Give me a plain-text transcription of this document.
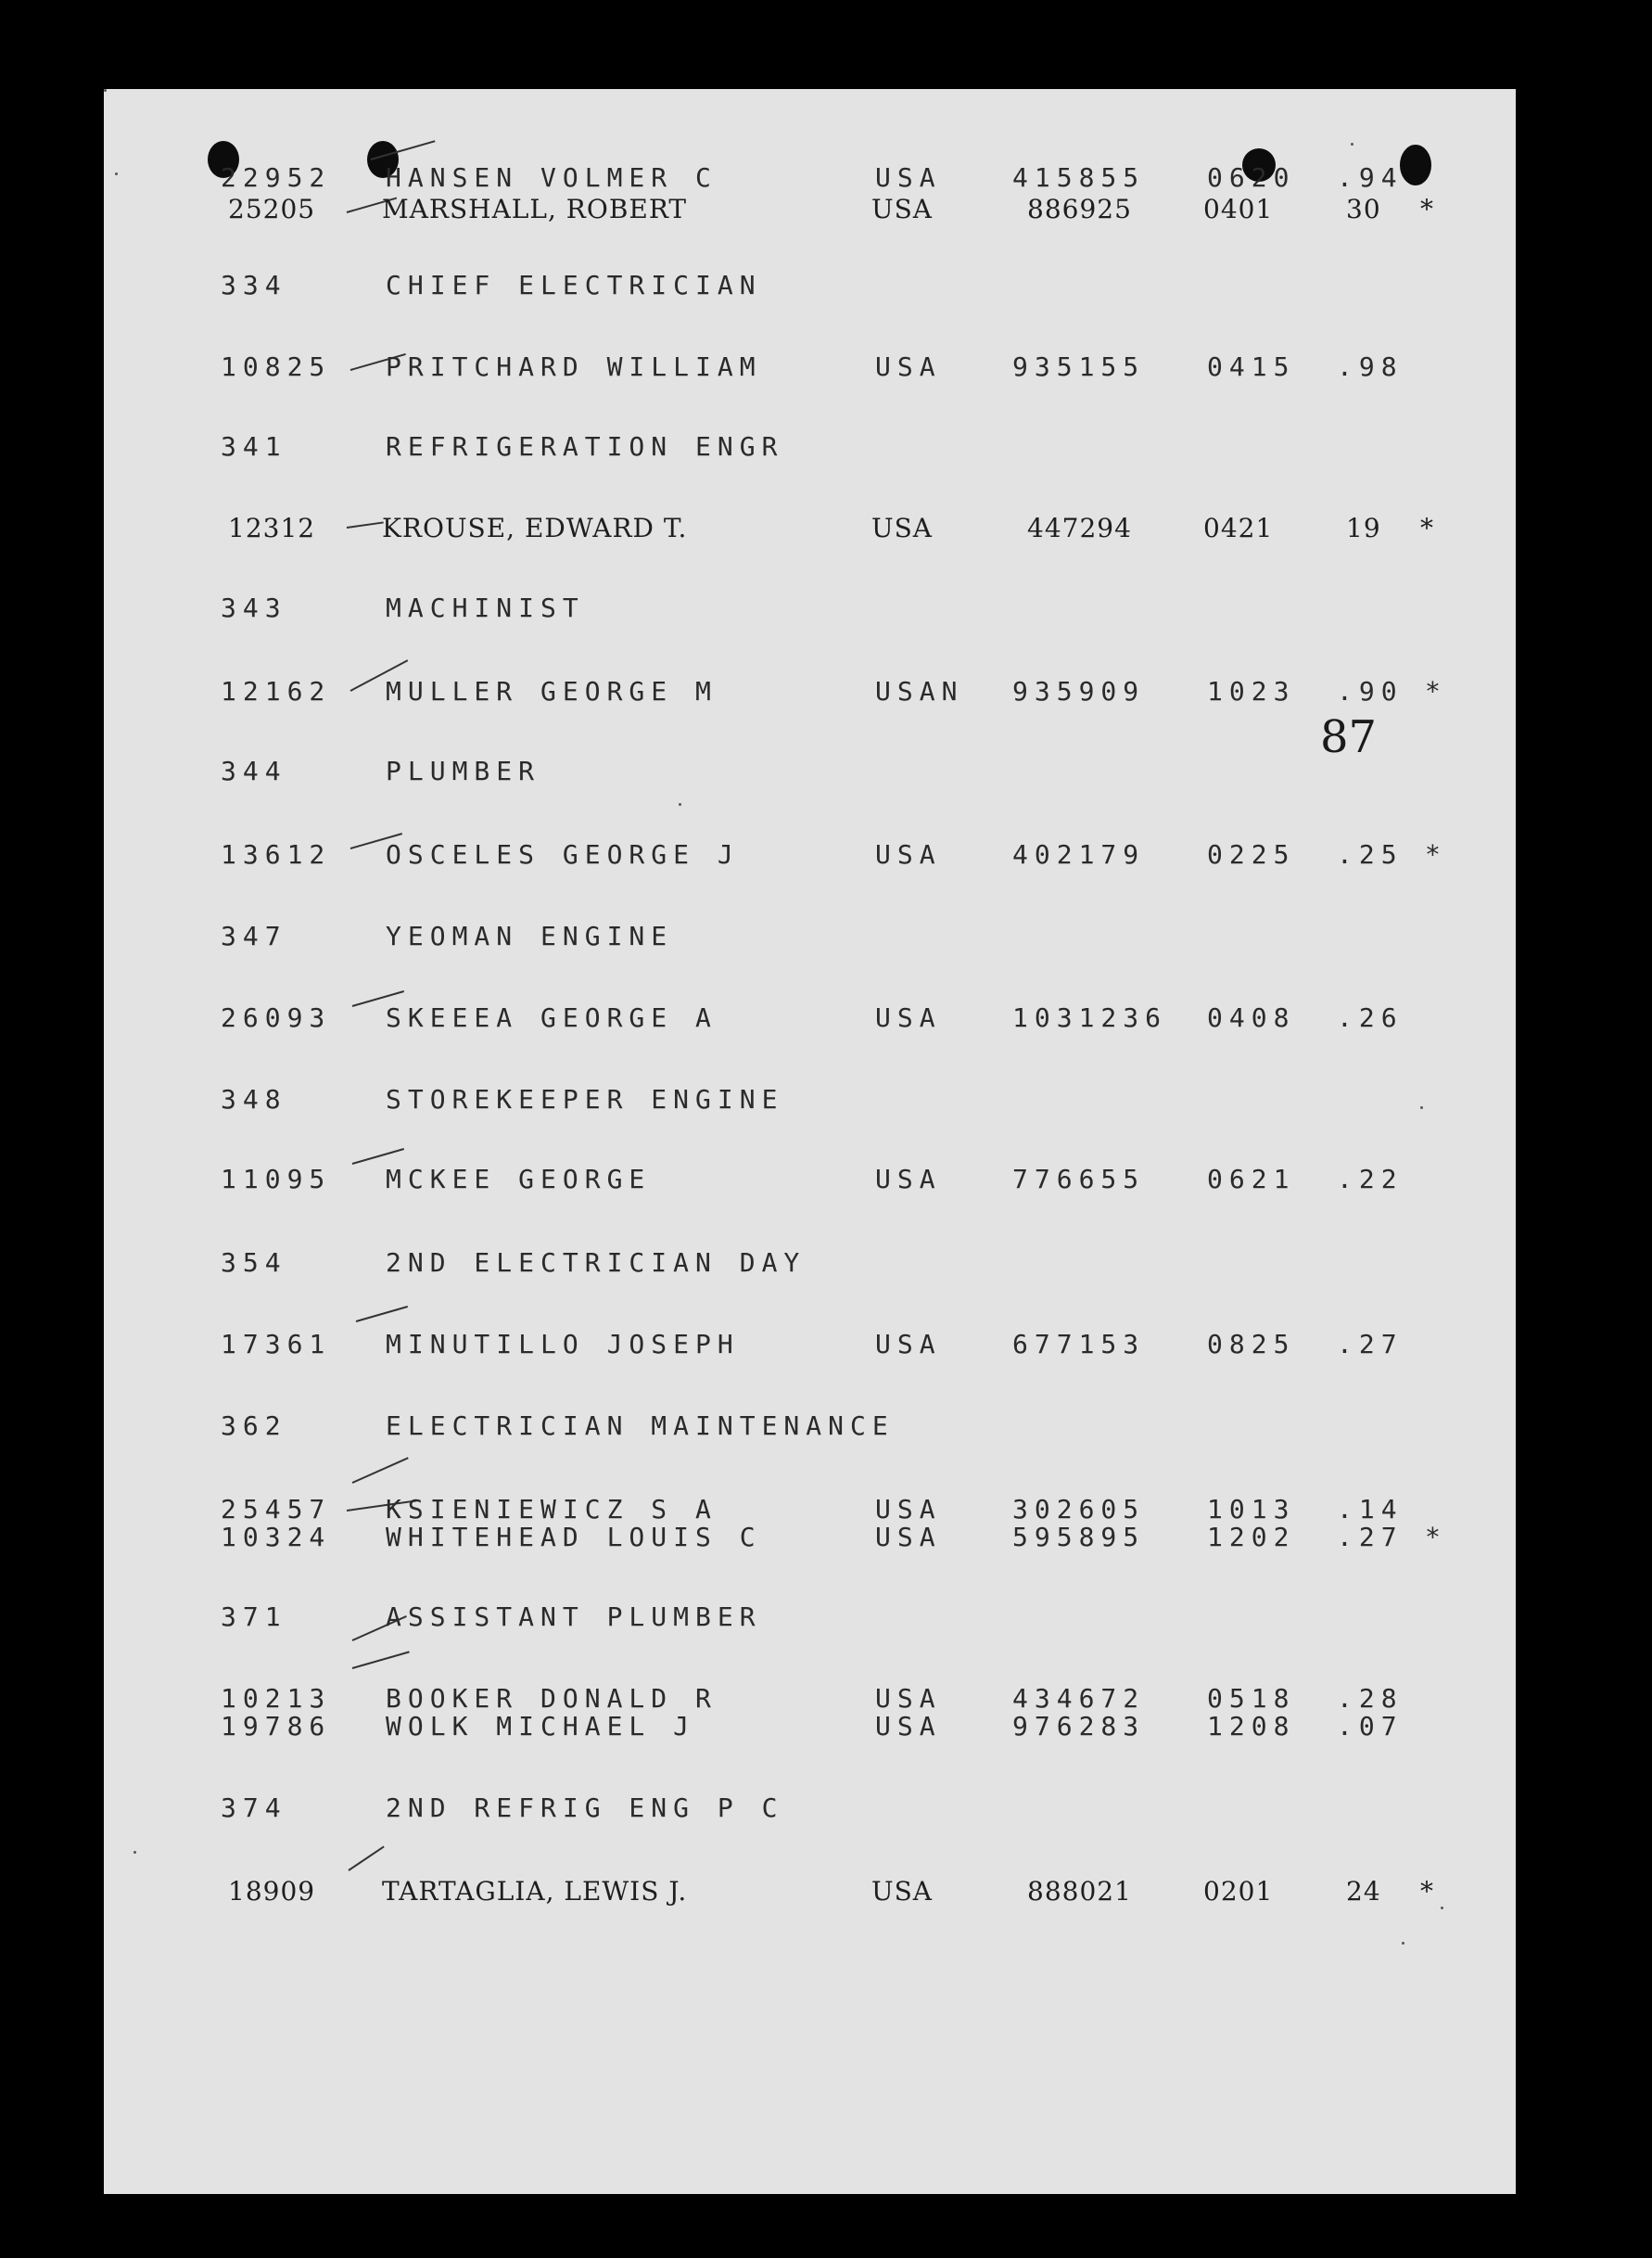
87
22952 HANSEN VOLMER C	USA	415855 0620 .94
25205	MARSHALL, ROBERT	USA	886925	0401	30 *
334	CHIEF ELECTRICIAN
10825 PRITCHARD WILLIAM	USA	935155 0415 .98
341	REFRIGERATION ENGR
12312	KROUSE, EDWARD T.	USA	447294	0421	19 *
343	MACHINIST
12162 MULLER GEORGE M	USAN 935909 1023 .90 *
344	PLUMBER
13612 OSCELES GEORGE J	USA	402179 0225 .25 *
347	YEOMAN ENGINE
26093 SKEEEA GEORGE A	USA	1031236 0408 .26
348	STOREKEEPER ENGINE
11095 MCKEE GEORGE	USA	776655 0621 .22
354	2ND ELECTRICIAN DAY
17361 MINUTILLO JOSEPH	USA	677153 0825 .27
362	ELECTRICIAN MAINTENANCE
25457 KSIENIEWICZ S A	USA	302605 1013 .14
10324 WHITEHEAD LOUIS C	USA	595895 1202 .27 *
371	ASSISTANT PLUMBER
10213 BOOKER DONALD R	USA	434672 0518 .28
19786 WOLK MICHAEL J	USA	976283 1208 .07
374	2ND REFRIG ENG P C
18909	TARTAGLIA, LEWIS J.	USA	888021	0201	24 *
